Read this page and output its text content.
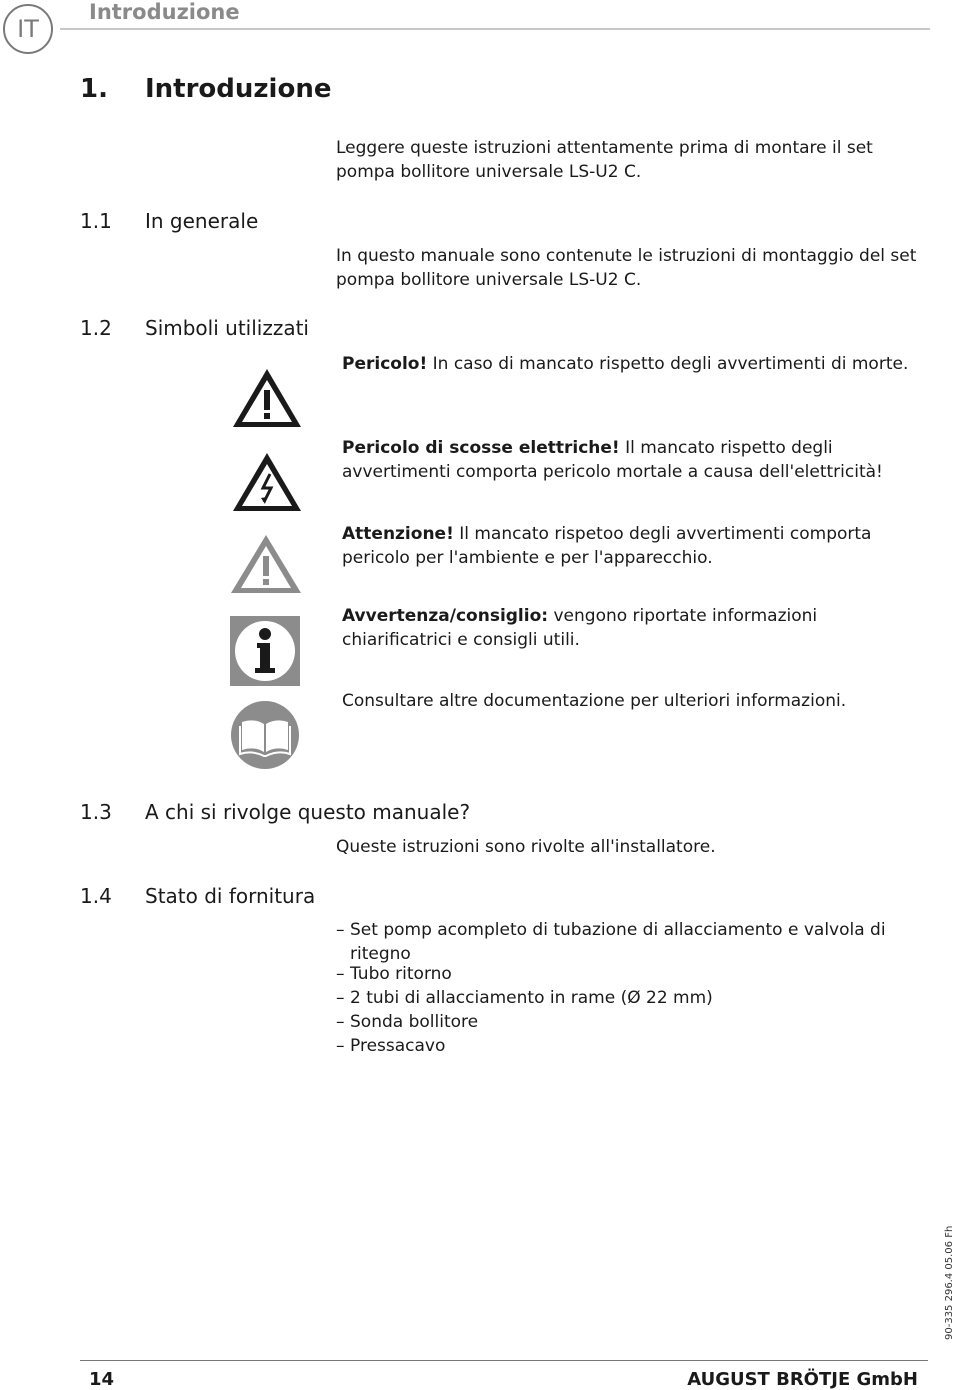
IT
Introduzione
1. Introduzione
Leggere queste istruzioni attentamente prima di montare il set pompa bollitore universale LS-U2 C.
1.1 In generale
In questo manuale sono contenute le istruzioni di montaggio del set pompa bollitore universale LS-U2 C.
1.2 Simboli utilizzati
Pericolo! In caso di mancato rispetto degli avvertimenti di morte.
Pericolo di scosse elettriche! Il mancato rispetto degli avvertimenti comporta pericolo mortale a causa dell'elettricità!
Attenzione! Il mancato rispetoo degli avvertimenti comporta pericolo per l'ambiente e per l'apparecchio.
Avvertenza/consiglio: vengono riportate informazioni chiarificatrici e consigli utili.
Consultare altre documentazione per ulteriori informazioni.
1.3 A chi si rivolge questo manuale?
Queste istruzioni sono rivolte all'installatore.
1.4 Stato di fornitura
– Set pomp acompleto di tubazione di allacciamento e valvola di ritegno
– Tubo ritorno
– 2 tubi di allacciamento in rame (Ø 22 mm)
– Sonda bollitore
– Pressacavo
90-335 296.4 05.06 Fh
14	AUGUST BRÖTJE GmbH
